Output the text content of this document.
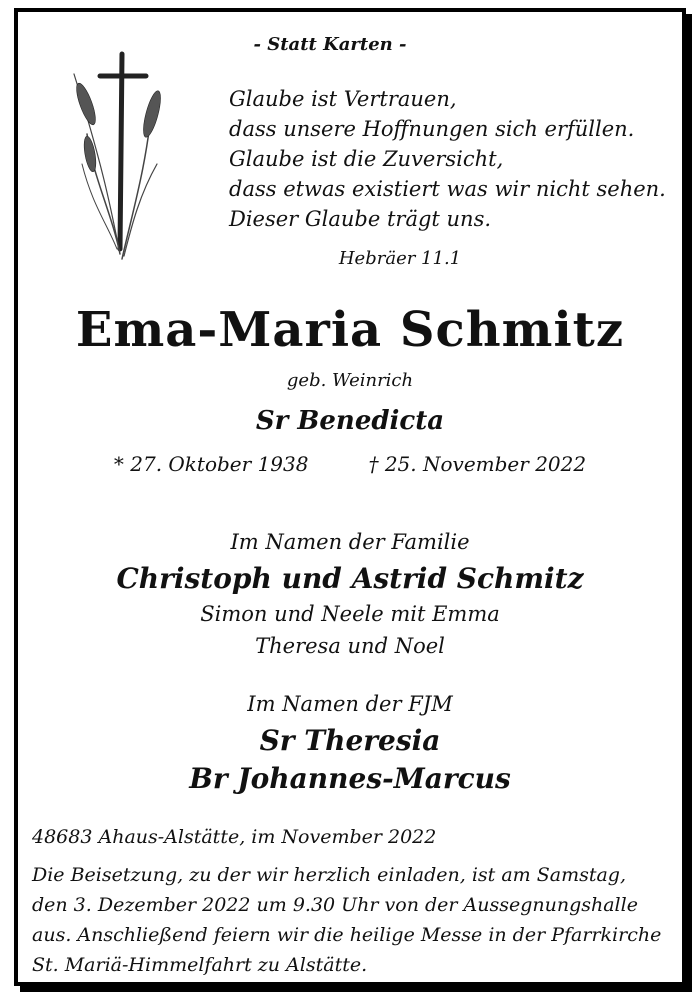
- Statt Karten -
Glaube ist Vertrauen,
dass unsere Hoffnungen sich erfüllen.
Glaube ist die Zuversicht,
dass etwas existiert was wir nicht sehen.
Dieser Glaube trägt uns.
Hebräer 11.1
Ema-Maria Schmitz
geb. Weinrich
Sr Benedicta
* 27. Oktober 1938	† 25. November 2022
Im Namen der Familie
Christoph und Astrid Schmitz
Simon und Neele mit Emma
Theresa und Noel
Im Namen der FJM
Sr Theresia
Br Johannes-Marcus
48683 Ahaus-Alstätte, im November 2022
Die Beisetzung, zu der wir herzlich einladen, ist am Samstag,
den 3. Dezember 2022 um 9.30 Uhr von der Aussegnungshalle
aus. Anschließend feiern wir die heilige Messe in der Pfarrkirche
St. Mariä-Himmelfahrt zu Alstätte.
